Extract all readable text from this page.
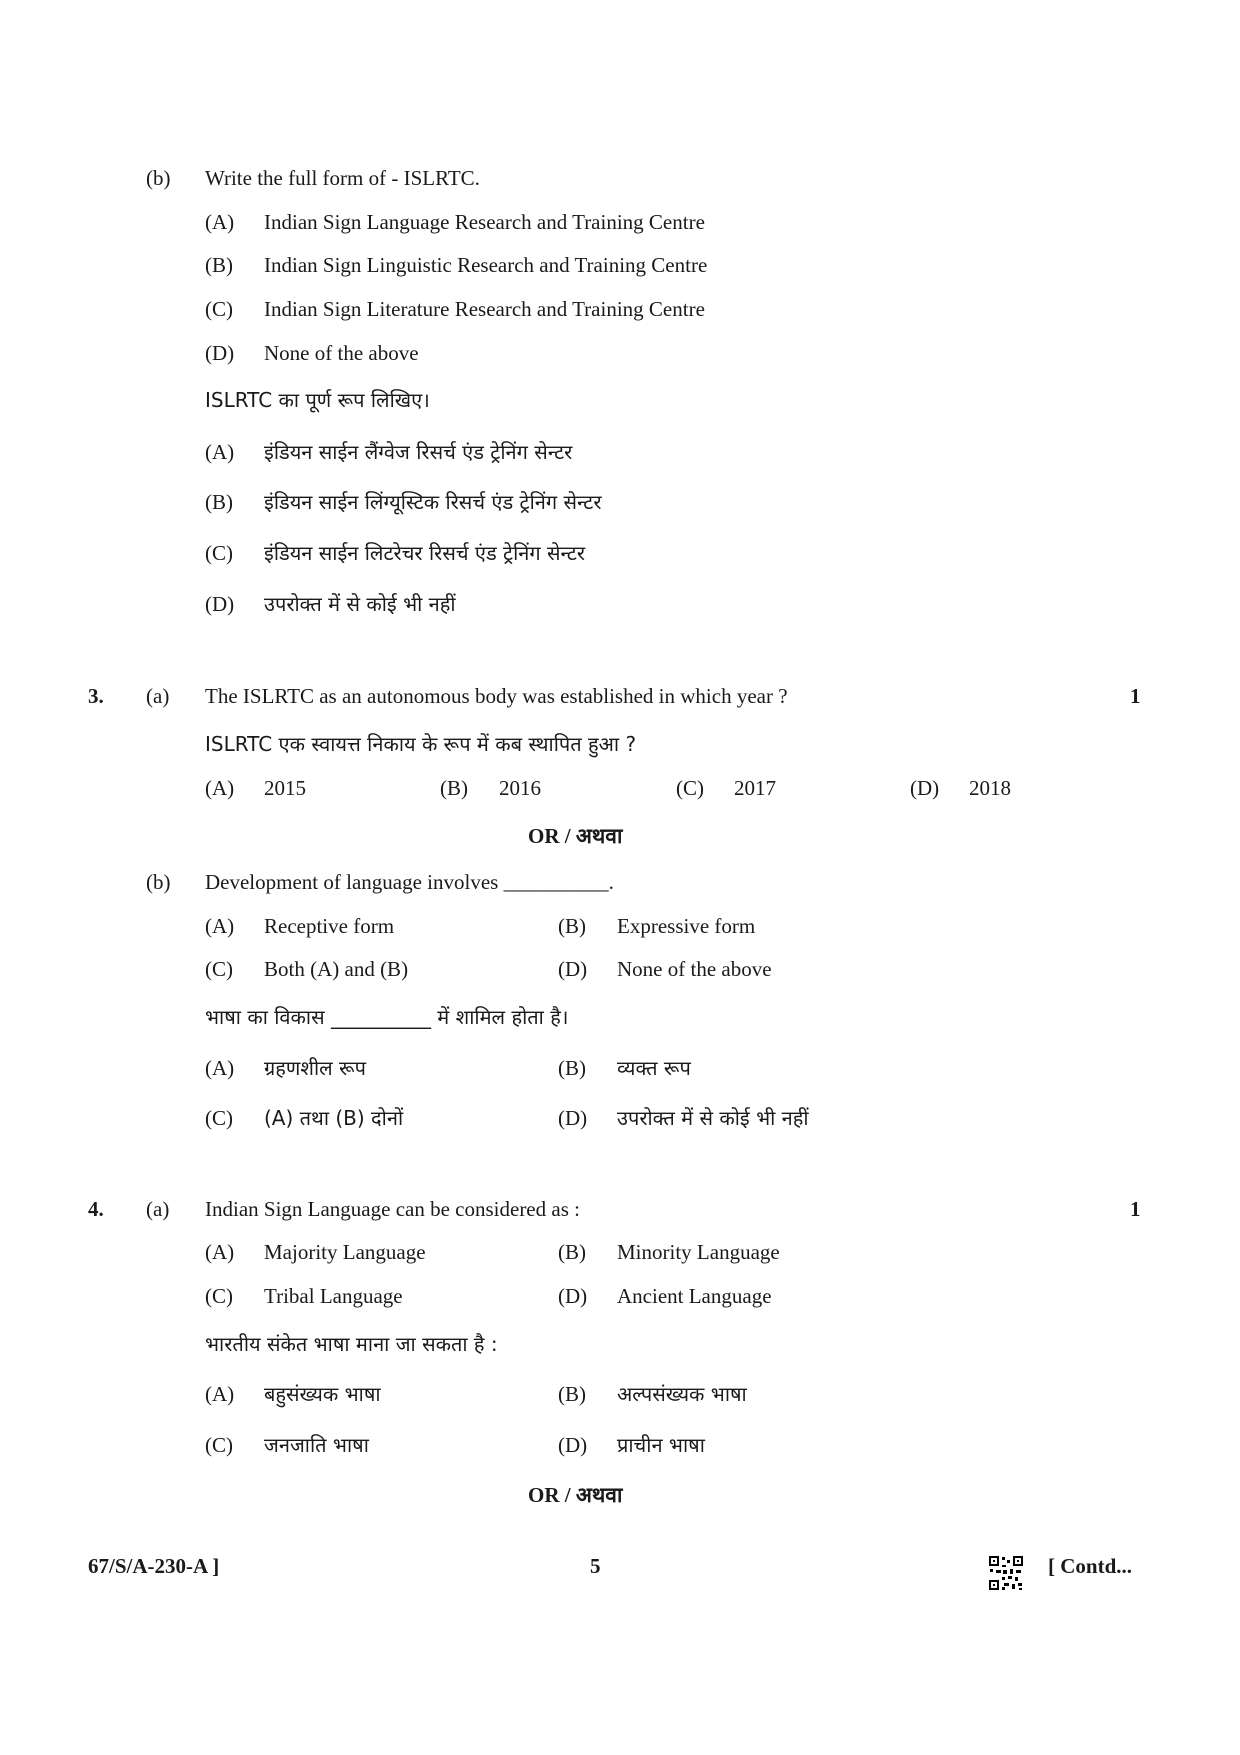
(b) Write the full form of - ISLRTC.
(A) Indian Sign Language Research and Training Centre
(B) Indian Sign Linguistic Research and Training Centre
(C) Indian Sign Literature Research and Training Centre
(D) None of the above
ISLRTC का पूर्ण रूप लिखिए।
(A) इंडियन साईन लैंग्वेज रिसर्च एंड ट्रेनिंग सेन्टर
(B) इंडियन साईन लिंग्यूस्टिक रिसर्च एंड ट्रेनिंग सेन्टर
(C) इंडियन साईन लिटरेचर रिसर्च एंड ट्रेनिंग सेन्टर
(D) उपरोक्त में से कोई भी नहीं
3. (a) The ISLRTC as an autonomous body was established in which year ?	1
ISLRTC एक स्वायत्त निकाय के रूप में कब स्थापित हुआ ?
(A) 2015	(B) 2016	(C) 2017	(D) 2018
OR / अथवा
(b) Development of language involves __________.
(A) Receptive form	(B) Expressive form
(C) Both (A) and (B)	(D) None of the above
भाषा का विकास __________ में शामिल होता है।
(A) ग्रहणशील रूप	(B) व्यक्त रूप
(C) (A) तथा (B) दोनों	(D) उपरोक्त में से कोई भी नहीं
4. (a) Indian Sign Language can be considered as :	1
(A) Majority Language	(B) Minority Language
(C) Tribal Language	(D) Ancient Language
भारतीय संकेत भाषा माना जा सकता है :
(A) बहुसंख्यक भाषा	(B) अल्पसंख्यक भाषा
(C) जनजाति भाषा	(D) प्राचीन भाषा
OR / अथवा
67/S/A-230-A ]	5	[ Contd...
